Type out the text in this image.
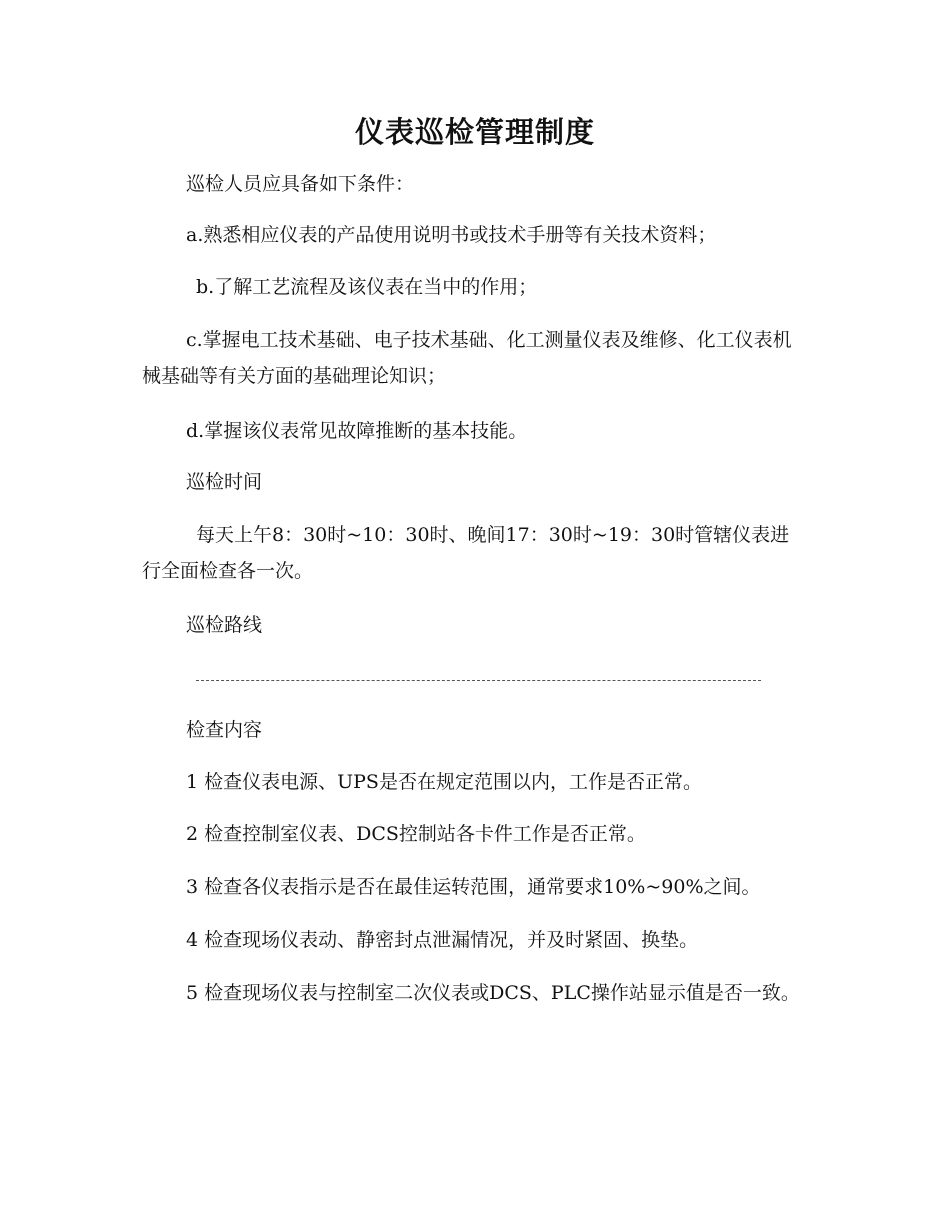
仪表巡检管理制度
巡检人员应具备如下条件：
a.熟悉相应仪表的产品使用说明书或技术手册等有关技术资料；
b.了解工艺流程及该仪表在当中的作用；
c.掌握电工技术基础、电子技术基础、化工测量仪表及维修、化工仪表机械基础等有关方面的基础理论知识；
d.掌握该仪表常见故障推断的基本技能。
巡检时间
每天上午8：30时~10：30时、晚间17：30时~19：30时管辖仪表进行全面检查各一次。
巡检路线
检查内容
1 检查仪表电源、UPS是否在规定范围以内，工作是否正常。
2 检查控制室仪表、DCS控制站各卡件工作是否正常。
3 检查各仪表指示是否在最佳运转范围，通常要求10%~90%之间。
4 检查现场仪表动、静密封点泄漏情况，并及时紧固、换垫。
5 检查现场仪表与控制室二次仪表或DCS、PLC操作站显示值是否一致。
